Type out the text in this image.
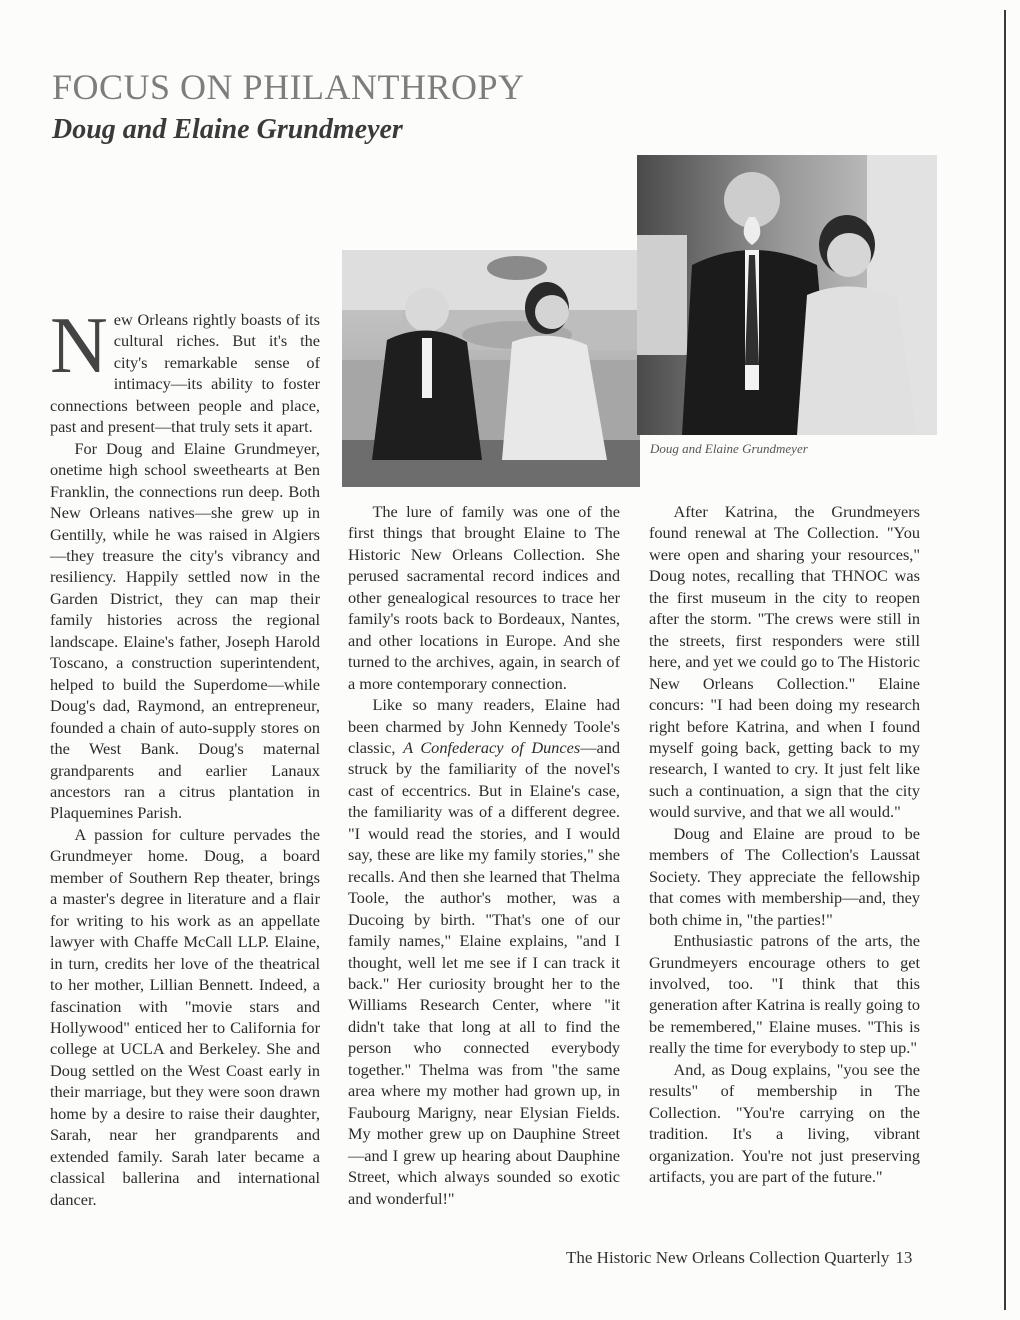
FOCUS ON PHILANTHROPY
Doug and Elaine Grundmeyer
Doug and Elaine Grundmeyer

New Orleans rightly boasts of its cultural riches. But it's the city's remarkable sense of intimacy—its ability to foster connections between people and place, past and present—that truly sets it apart.

For Doug and Elaine Grundmeyer, onetime high school sweethearts at Ben Franklin, the connections run deep. Both New Orleans natives—she grew up in Gentilly, while he was raised in Algiers—they treasure the city's vibrancy and resiliency. Happily settled now in the Garden District, they can map their family histories across the regional landscape. Elaine's father, Joseph Harold Toscano, a construction superintendent, helped to build the Superdome—while Doug's dad, Raymond, an entrepreneur, founded a chain of auto-supply stores on the West Bank. Doug's maternal grandparents and earlier Lanaux ancestors ran a citrus plantation in Plaquemines Parish.

A passion for culture pervades the Grundmeyer home. Doug, a board member of Southern Rep theater, brings a master's degree in literature and a flair for writing to his work as an appellate lawyer with Chaffe McCall LLP. Elaine, in turn, credits her love of the theatrical to her mother, Lillian Bennett. Indeed, a fascination with "movie stars and Hollywood" enticed her to California for college at UCLA and Berkeley. She and Doug settled on the West Coast early in their marriage, but they were soon drawn home by a desire to raise their daughter, Sarah, near her grandparents and extended family. Sarah later became a classical ballerina and international dancer.

The lure of family was one of the first things that brought Elaine to The Historic New Orleans Collection. She perused sacramental record indices and other genealogical resources to trace her family's roots back to Bordeaux, Nantes, and other locations in Europe. And she turned to the archives, again, in search of a more contemporary connection.

Like so many readers, Elaine had been charmed by John Kennedy Toole's classic, A Confederacy of Dunces—and struck by the familiarity of the novel's cast of eccentrics. But in Elaine's case, the familiarity was of a different degree. "I would read the stories, and I would say, these are like my family stories," she recalls. And then she learned that Thelma Toole, the author's mother, was a Ducoing by birth. "That's one of our family names," Elaine explains, "and I thought, well let me see if I can track it back." Her curiosity brought her to the Williams Research Center, where "it didn't take that long at all to find the person who connected everybody together." Thelma was from "the same area where my mother had grown up, in Faubourg Marigny, near Elysian Fields. My mother grew up on Dauphine Street—and I grew up hearing about Dauphine Street, which always sounded so exotic and wonderful!"

After Katrina, the Grundmeyers found renewal at The Collection. "You were open and sharing your resources," Doug notes, recalling that THNOC was the first museum in the city to reopen after the storm. "The crews were still in the streets, first responders were still here, and yet we could go to The Historic New Orleans Collection." Elaine concurs: "I had been doing my research right before Katrina, and when I found myself going back, getting back to my research, I wanted to cry. It just felt like such a continuation, a sign that the city would survive, and that we all would."

Doug and Elaine are proud to be members of The Collection's Laussat Society. They appreciate the fellowship that comes with membership—and, they both chime in, "the parties!"

Enthusiastic patrons of the arts, the Grundmeyers encourage others to get involved, too. "I think that this generation after Katrina is really going to be remembered," Elaine muses. "This is really the time for everybody to step up."

And, as Doug explains, "you see the results" of membership in The Collection. "You're carrying on the tradition. It's a living, vibrant organization. You're not just preserving artifacts, you are part of the future."

The Historic New Orleans Collection Quarterly 13
